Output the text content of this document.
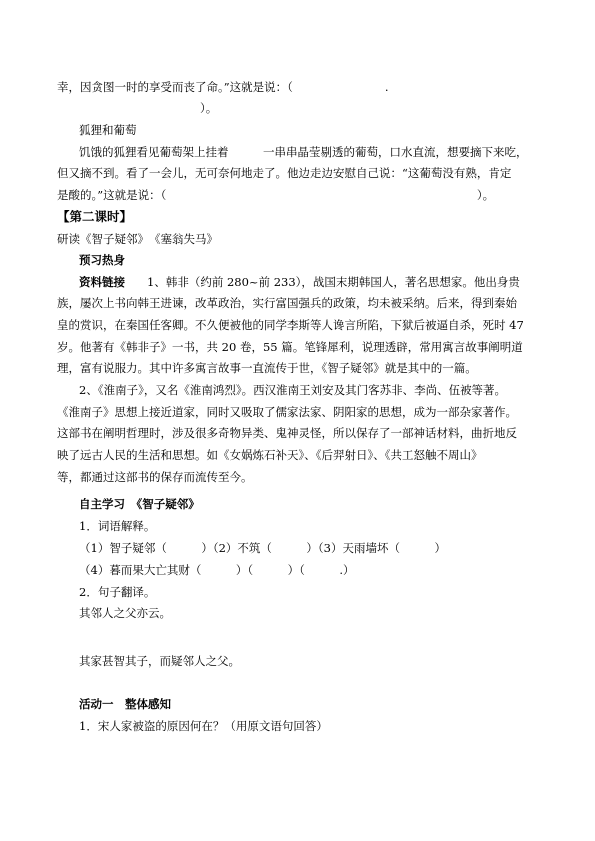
幸，因贪图一时的享受而丧了命。”这就是说：（　　　　　　　　.
）。
狐狸和葡萄
饥饿的狐狸看见葡萄架上挂着　　　一串串晶莹剔透的葡萄，口水直流，想要摘下来吃，
但又摘不到。看了一会儿，无可奈何地走了。他边走边安慰自己说：“这葡萄没有熟，肯定
是酸的。”这就是说：（　　　　　　　　　　　　　　　　　　　　　　　　　　　）。
【第二课时】
研读《智子疑邻》　《塞翁失马》
预习热身
资料链接 1、韩非（约前 280~前 233），战国末期韩国人，著名思想家。他出身贵
族，屡次上书向韩王进谏，改革政治，实行富国强兵的政策，均未被采纳。后来，得到秦始
皇的赏识，在秦国任客卿。不久便被他的同学李斯等人谗言所陷，下狱后被逼自杀，死时 47
岁。他著有《韩非子》一书，共 20 卷，55 篇。笔锋犀利，说理透辟，常用寓言故事阐明道
理，富有说服力。其中许多寓言故事一直流传于世，《智子疑邻》就是其中的一篇。
2、《淮南子》，又名《淮南鸿烈》。西汉淮南王刘安及其门客苏非、李尚、伍被等著。
《淮南子》思想上接近道家，同时又吸取了儒家法家、阴阳家的思想，成为一部杂家著作。
这部书在阐明哲理时，涉及很多奇物异类、鬼神灵怪，所以保存了一部神话材料，曲折地反
映了远古人民的生活和思想。如《女娲炼石补天》、《后羿射日》、《共工怒触不周山》
等，都通过这部书的保存而流传至今。
自主学习　《智子疑邻》
1．词语解释。
（1）智子疑邻（　　　）（2）不筑（　　　）（3）天雨墙坏（　　　）
（4）暮而果大亡其财（　　　）（　　　）（　　　.）
2．句子翻译。
其邻人之父亦云。
其家甚智其子，而疑邻人之父。
活动一　整体感知
1．宋人家被盗的原因何在？（用原文语句回答）
